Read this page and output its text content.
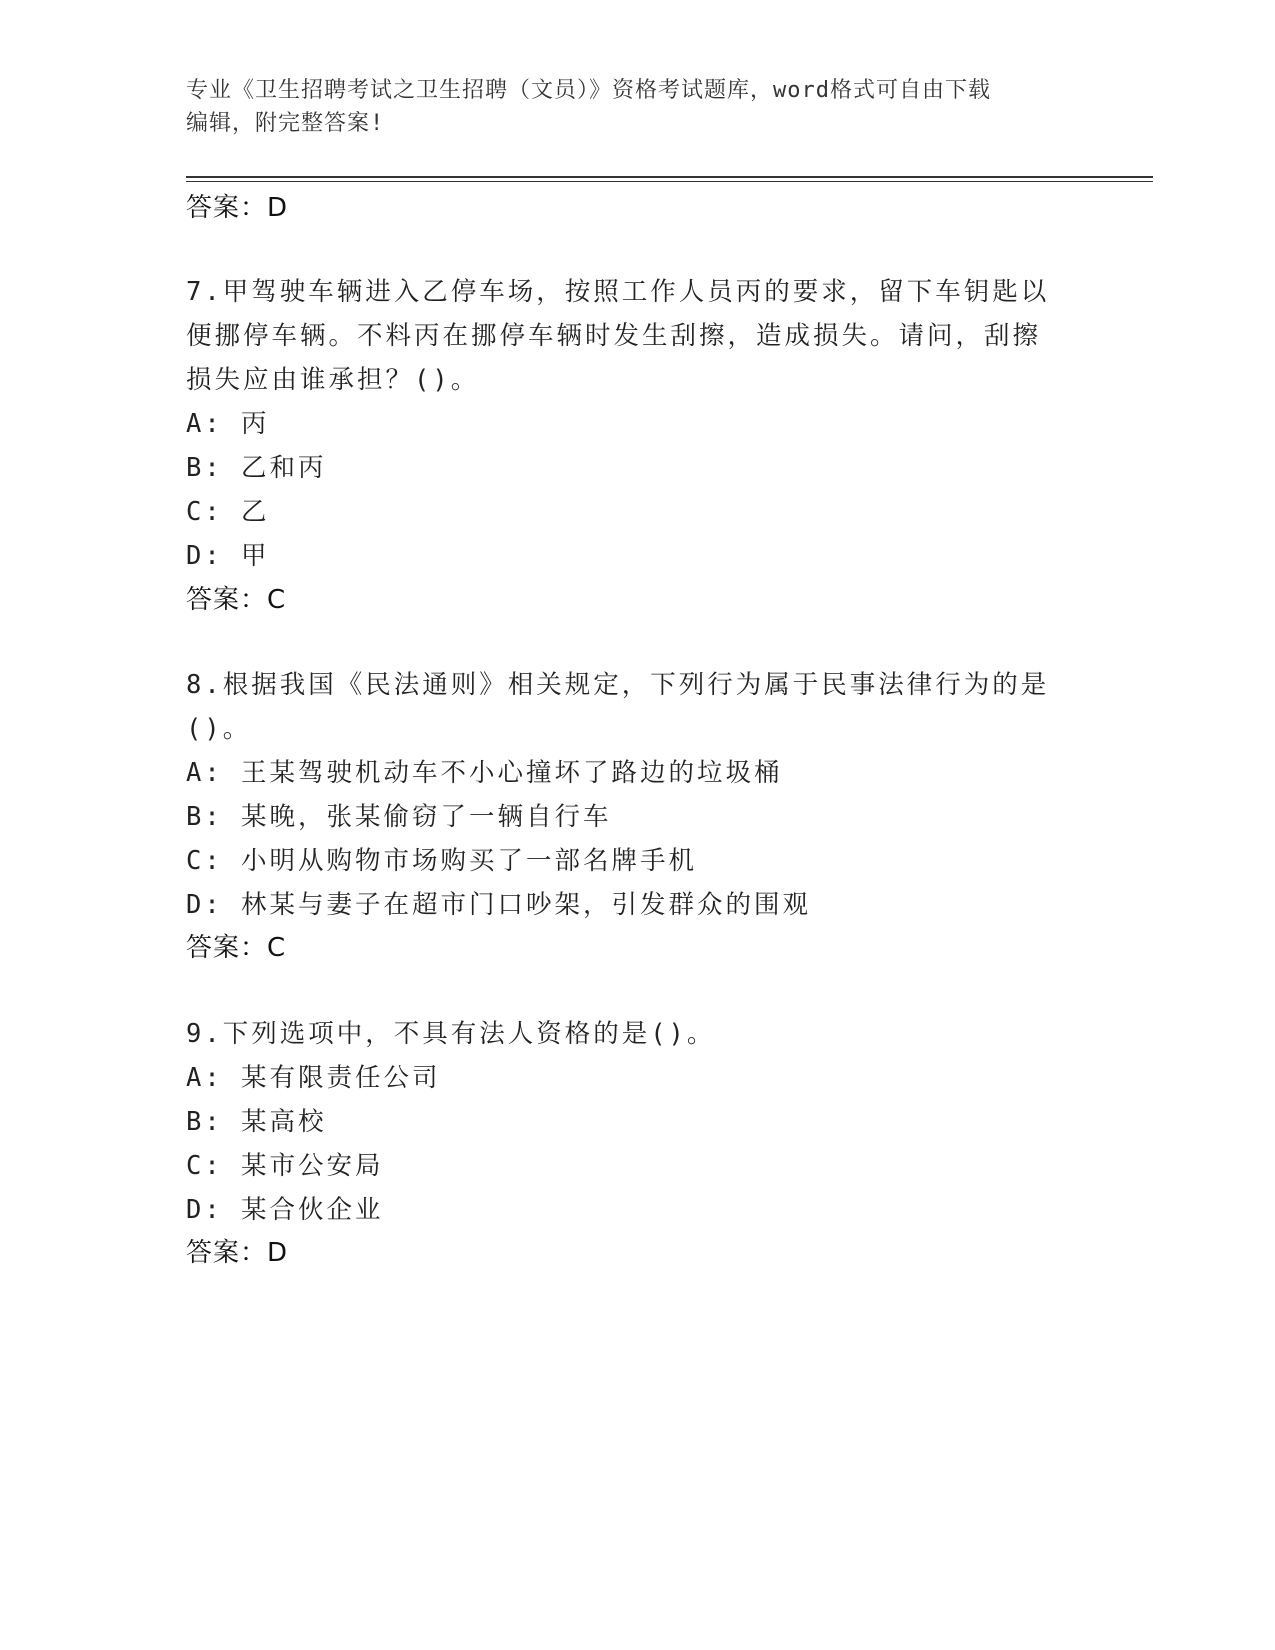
专业《卫生招聘考试之卫生招聘（文员）》资格考试题库，word格式可自由下载
编辑，附完整答案!
答案：D
7.甲驾驶车辆进入乙停车场，按照工作人员丙的要求，留下车钥匙以
便挪停车辆。不料丙在挪停车辆时发生刮擦，造成损失。请问，刮擦
损失应由谁承担？()。
A: 丙
B: 乙和丙
C: 乙
D: 甲
答案：C
8.根据我国《民法通则》相关规定，下列行为属于民事法律行为的是
()。
A: 王某驾驶机动车不小心撞坏了路边的垃圾桶
B: 某晚，张某偷窃了一辆自行车
C: 小明从购物市场购买了一部名牌手机
D: 林某与妻子在超市门口吵架，引发群众的围观
答案：C
9.下列选项中，不具有法人资格的是()。
A: 某有限责任公司
B: 某高校
C: 某市公安局
D: 某合伙企业
答案：D
